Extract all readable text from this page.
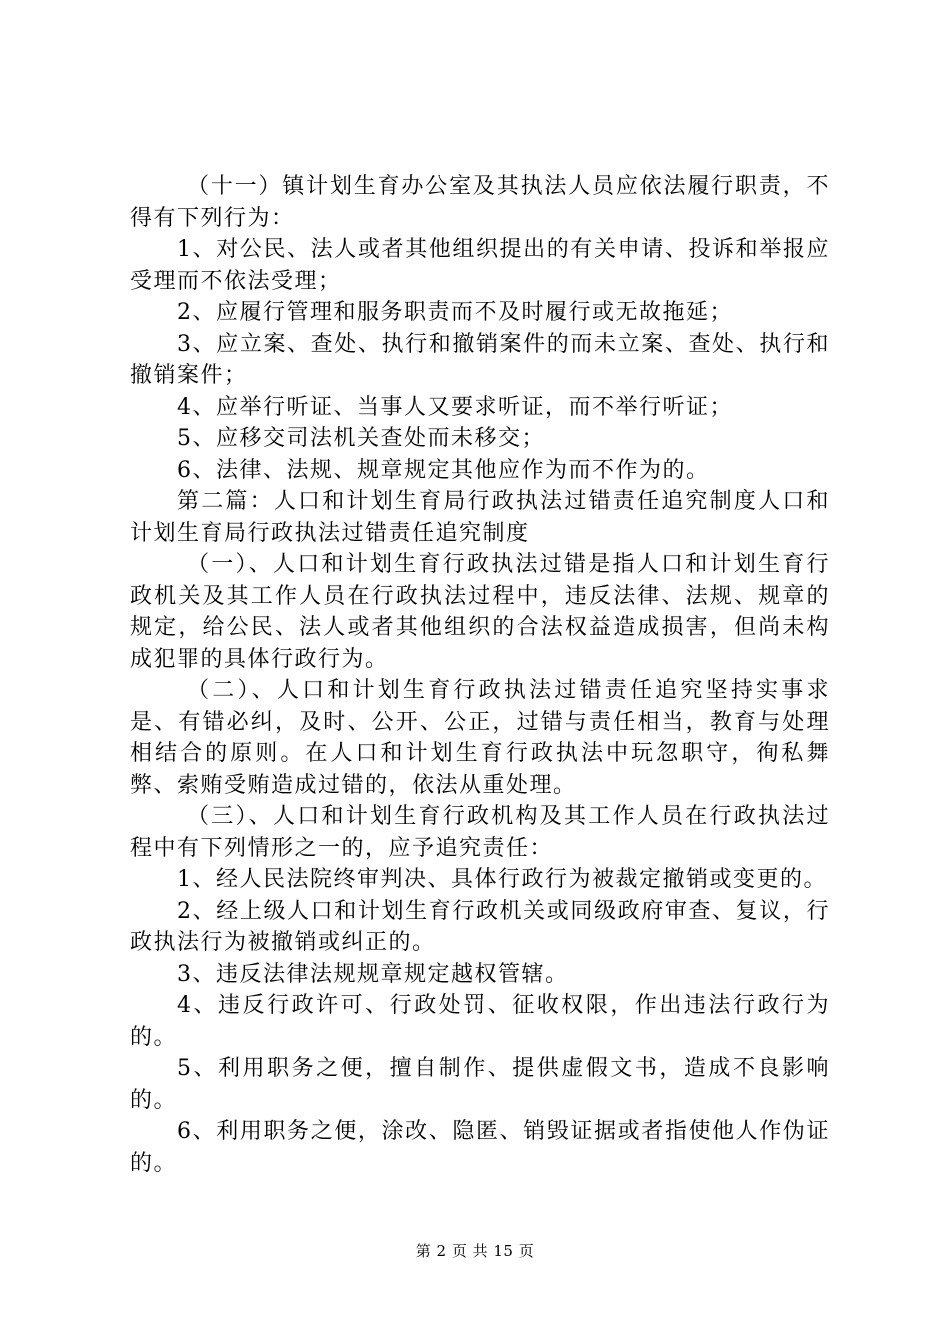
（十一）镇计划生育办公室及其执法人员应依法履行职责，不得有下列行为：

1、对公民、法人或者其他组织提出的有关申请、投诉和举报应受理而不依法受理；

2、应履行管理和服务职责而不及时履行或无故拖延；

3、应立案、查处、执行和撤销案件的而未立案、查处、执行和撤销案件；

4、应举行听证、当事人又要求听证，而不举行听证；

5、应移交司法机关查处而未移交；

6、法律、法规、规章规定其他应作为而不作为的。

第二篇：人口和计划生育局行政执法过错责任追究制度人口和计划生育局行政执法过错责任追究制度

（一）、人口和计划生育行政执法过错是指人口和计划生育行政机关及其工作人员在行政执法过程中，违反法律、法规、规章的规定，给公民、法人或者其他组织的合法权益造成损害，但尚未构成犯罪的具体行政行为。

（二）、人口和计划生育行政执法过错责任追究坚持实事求是、有错必纠，及时、公开、公正，过错与责任相当，教育与处理相结合的原则。在人口和计划生育行政执法中玩忽职守，徇私舞弊、索贿受贿造成过错的，依法从重处理。

（三）、人口和计划生育行政机构及其工作人员在行政执法过程中有下列情形之一的，应予追究责任：

1、经人民法院终审判决、具体行政行为被裁定撤销或变更的。

2、经上级人口和计划生育行政机关或同级政府审查、复议，行政执法行为被撤销或纠正的。

3、违反法律法规规章规定越权管辖。

4、违反行政许可、行政处罚、征收权限，作出违法行政行为的。

5、利用职务之便，擅自制作、提供虚假文书，造成不良影响的。

6、利用职务之便，涂改、隐匿、销毁证据或者指使他人作伪证的。

第 2 页 共 15 页
